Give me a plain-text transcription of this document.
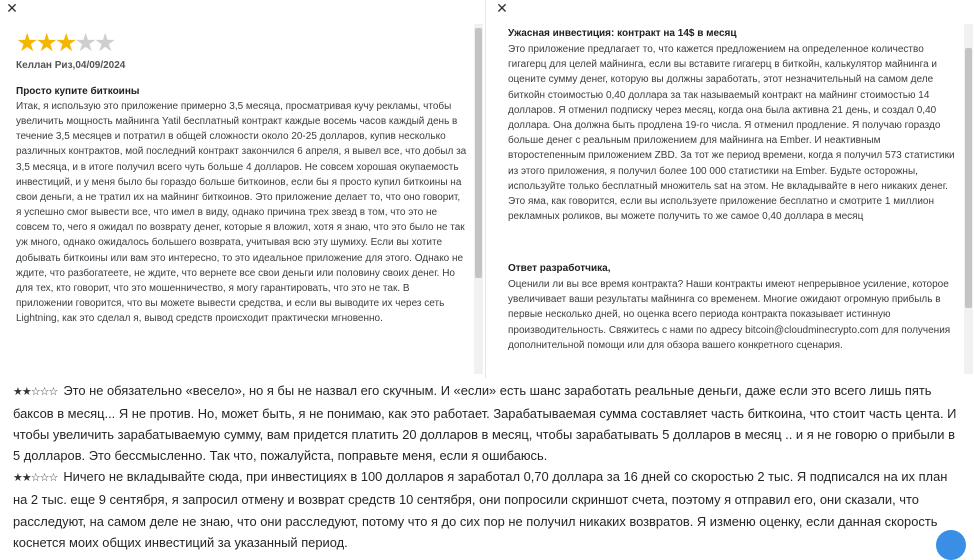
✕
★
★
★
★
★
Келлан Риз,04/09/2024
Просто купите биткоины
Итак, я использую это приложение примерно 3,5 месяца, просматривая кучу рекламы, чтобы увеличить мощность майнинга Yatil бесплатный контракт каждые восемь часов каждый день в течение 3,5 месяцев и потратил в общей сложности около 20-25 долларов, купив несколько различных контрактов, мой последний контракт закончился 6 апреля, я вывел все, что добыл за 3,5 месяца, и в итоге получил всего чуть больше 4 долларов. Не совсем хорошая окупаемость инвестиций, и у меня было бы гораздо больше биткоинов, если бы я просто купил биткоины на свои деньги, а не тратил их на майнинг биткоинов. Это приложение делает то, что оно говорит, я успешно смог вывести все, что имел в виду, однако причина трех звезд в том, что это не совсем то, чего я ожидал по возврату денег, которые я вложил, хотя я знаю, что это было не так уж много, однако ожидалось большего возврата, учитывая всю эту шумиху. Если вы хотите добывать биткоины или вам это интересно, то это идеальное приложение для этого. Однако не ждите, что разбогатеете, не ждите, что вернете все свои деньги или половину своих денег. Но для тех, кто говорит, что это мошенничество, я могу гарантировать, что это не так. В приложении говорится, что вы можете вывести средства, и если вы выводите их через сеть Lightning, как это сделал я, вывод средств происходит практически мгновенно.
✕
Ужасная инвестиция: контракт на 14$ в месяц
Это приложение предлагает то, что кажется предложением на определенное количество гигагерц для целей майнинга, если вы вставите гигагерц в биткойн, калькулятор майнинга и оцените сумму денег, которую вы должны заработать, этот незначительный на самом деле биткойн стоимостью 0,40 доллара за так называемый контракт на майнинг стоимостью 14 долларов. Я отменил подписку через месяц, когда она была активна 21 день, и создал 0,40 доллара. Она должна быть продлена 19-го числа. Я отменил продление. Я получаю гораздо больше денег с реальным приложением для майнинга на Ember. И неактивным второстепенным приложением ZBD. За тот же период времени, когда я получил 573 статистики из этого приложения, я получил более 100 000 статистики на Ember. Будьте осторожны, используйте только бесплатный множитель sat на этом. Не вкладывайте в него никаких денег. Это яма, как говорится, если вы используете приложение бесплатно и смотрите 1 миллион рекламных роликов, вы можете получить то же самое 0,40 доллара в месяц
Ответ разработчика,
Оценили ли вы все время контракта? Наши контракты имеют непрерывное усиление, которое увеличивает ваши результаты майнинга со временем. Многие ожидают огромную прибыль в первые несколько дней, но оценка всего периода контракта показывает истинную производительность. Свяжитесь с нами по адресу bitcoin@cloudminecrypto.com для получения дополнительной помощи или для обзора вашего конкретного сценария.

★★☆☆☆ Это не обязательно «весело», но я бы не назвал его скучным. И «если» есть шанс заработать реальные деньги, даже если это всего лишь пять баксов в месяц... Я не против. Но, может быть, я не понимаю, как это работает. Зарабатываемая сумма составляет часть биткоина, что стоит часть цента. И чтобы увеличить зарабатываемую сумму, вам придется платить 20 долларов в месяц, чтобы зарабатывать 5 долларов в месяц .. и я не говорю о прибыли в 5 долларов. Это бессмысленно. Так что, пожалуйста, поправьте меня, если я ошибаюсь.

★★☆☆☆ Ничего не вкладывайте сюда, при инвестициях в 100 долларов я заработал 0,70 доллара за 16 дней со скоростью 2 тыс. Я подписался на их план на 2 тыс. еще 9 сентября, я запросил отмену и возврат средств 10 сентября, они попросили скриншот счета, поэтому я отправил его, они сказали, что расследуют, на самом деле не знаю, что они расследуют, потому что я до сих пор не получил никаких возвратов. Я изменю оценку, если данная скорость коснется моих общих инвестиций за указанный период.
